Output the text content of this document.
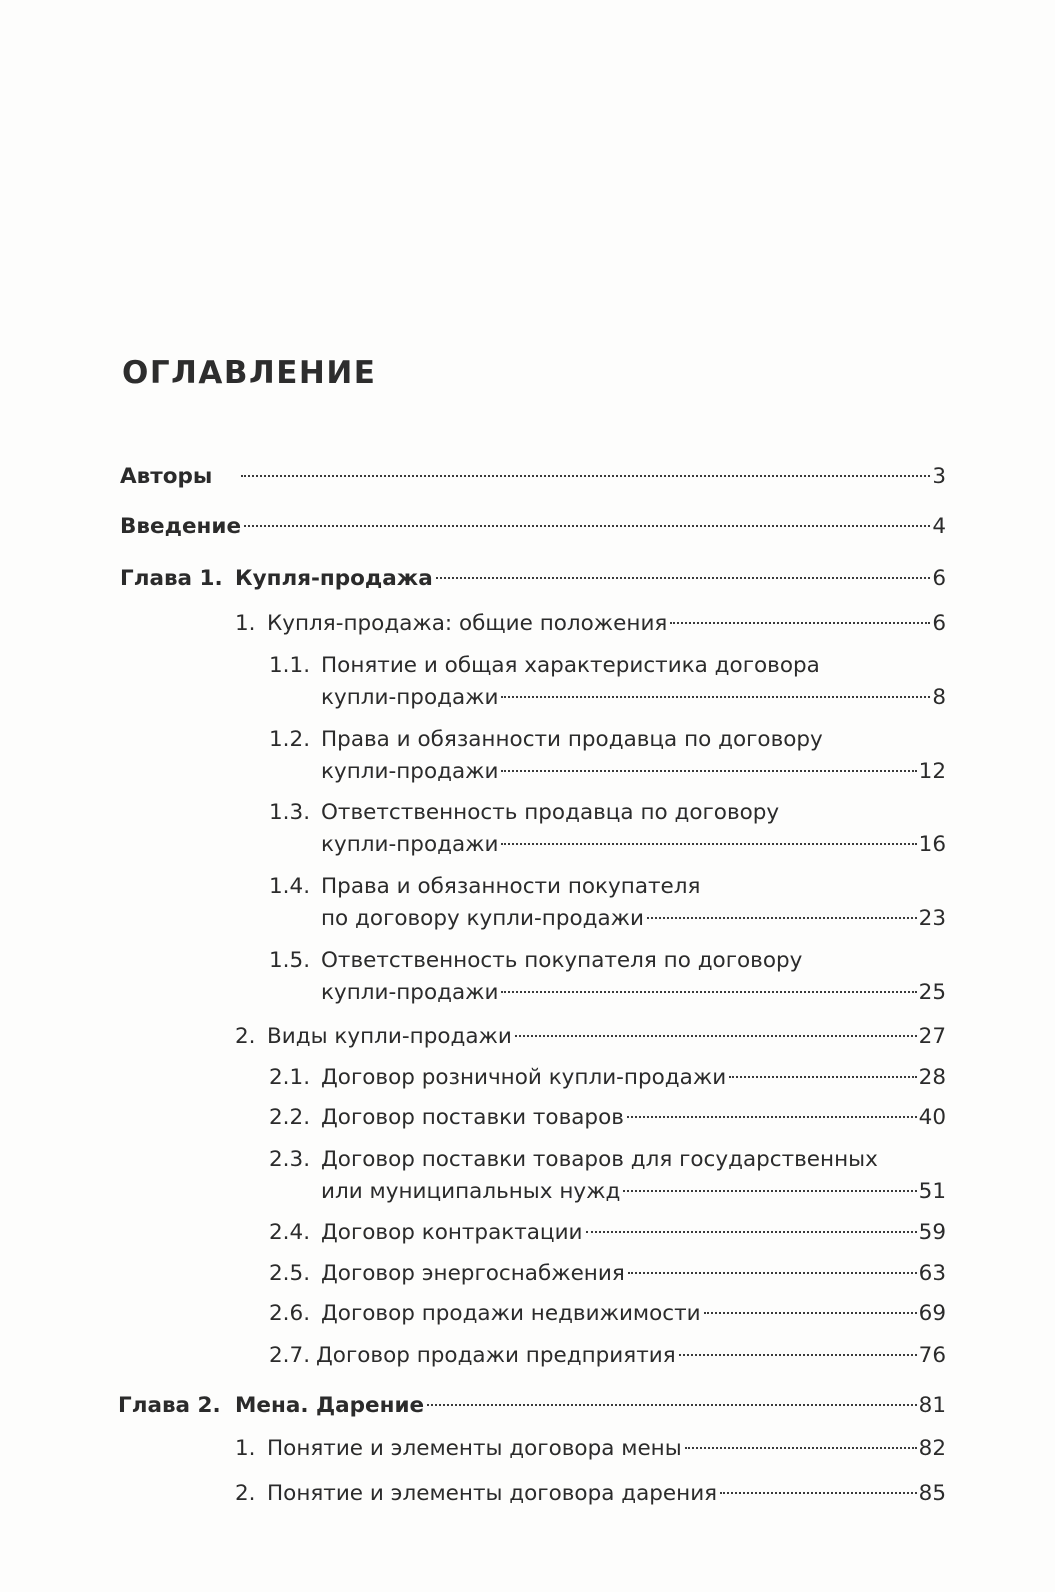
ОГЛАВЛЕНИЕ
Авторы	3
Введение	4
Глава 1. Купля-продажа	6
1. Купля-продажа: общие положения	6
1.1. Понятие и общая характеристика договора
купли-продажи	8
1.2. Права и обязанности продавца по договору
купли-продажи	12
1.3. Ответственность продавца по договору
купли-продажи	16
1.4. Права и обязанности покупателя
по договору купли-продажи	23
1.5. Ответственность покупателя по договору
купли-продажи	25
2. Виды купли-продажи	27
2.1. Договор розничной купли-продажи	28
2.2. Договор поставки товаров	40
2.3. Договор поставки товаров для государственных
или муниципальных нужд	51
2.4. Договор контрактации	59
2.5. Договор энергоснабжения	63
2.6. Договор продажи недвижимости	69
2.7. Договор продажи предприятия	76
Глава 2. Мена. Дарение	81
1. Понятие и элементы договора мены	82
2. Понятие и элементы договора дарения	85
